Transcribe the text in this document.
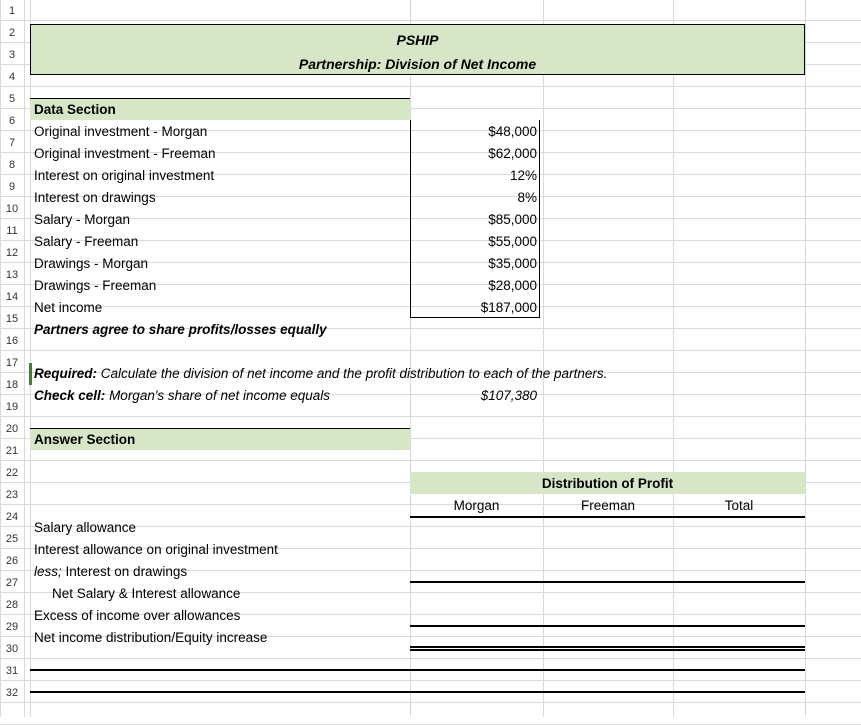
1
2
3
4
5
6
7
8
9
10
11
12
13
14
15
16
17
18
19
20
21
22
23
24
25
26
27
28
29
30
31
32
PSHIP
Partnership: Division of Net Income
Data Section
Original investment - Morgan	$48,000
Original investment - Freeman	$62,000
Interest on original investment	12%
Interest on drawings	8%
Salary - Morgan	$85,000
Salary - Freeman	$55,000
Drawings - Morgan	$35,000
Drawings - Freeman	$28,000
Net income	$187,000
Partners agree to share profits/losses equally
Required: Calculate the division of net income and the profit distribution to each of the partners.
Check cell: Morgan's share of net income equals	$107,380
Answer Section
Distribution of Profit
Morgan	Freeman	Total
Salary allowance
Interest allowance on original investment
less; Interest on drawings
Net Salary & Interest allowance
Excess of income over allowances
Net income distribution/Equity increase
